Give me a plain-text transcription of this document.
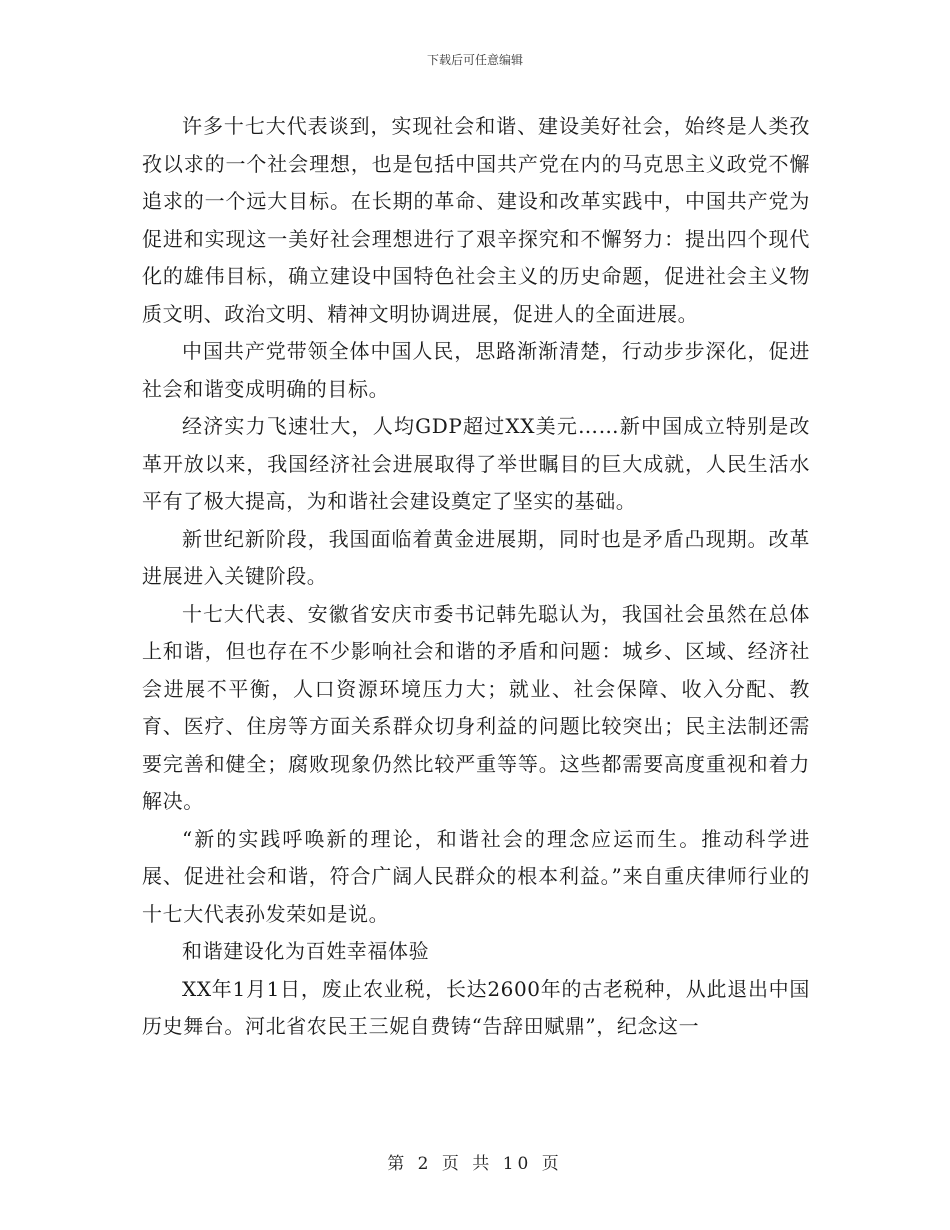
下载后可任意编辑

许多十七大代表谈到，实现社会和谐、建设美好社会，始终是人类孜孜以求的一个社会理想，也是包括中国共产党在内的马克思主义政党不懈追求的一个远大目标。在长期的革命、建设和改革实践中，中国共产党为促进和实现这一美好社会理想进行了艰辛探究和不懈努力：提出四个现代化的雄伟目标，确立建设中国特色社会主义的历史命题，促进社会主义物质文明、政治文明、精神文明协调进展，促进人的全面进展。

中国共产党带领全体中国人民，思路渐渐清楚，行动步步深化，促进社会和谐变成明确的目标。

经济实力飞速壮大，人均GDP超过XX美元……新中国成立特别是改革开放以来，我国经济社会进展取得了举世瞩目的巨大成就，人民生活水平有了极大提高，为和谐社会建设奠定了坚实的基础。

新世纪新阶段，我国面临着黄金进展期，同时也是矛盾凸现期。改革进展进入关键阶段。

十七大代表、安徽省安庆市委书记韩先聪认为，我国社会虽然在总体上和谐，但也存在不少影响社会和谐的矛盾和问题：城乡、区域、经济社会进展不平衡，人口资源环境压力大；就业、社会保障、收入分配、教育、医疗、住房等方面关系群众切身利益的问题比较突出；民主法制还需要完善和健全；腐败现象仍然比较严重等等。这些都需要高度重视和着力解决。

“新的实践呼唤新的理论，和谐社会的理念应运而生。推动科学进展、促进社会和谐，符合广阔人民群众的根本利益。”来自重庆律师行业的十七大代表孙发荣如是说。

和谐建设化为百姓幸福体验

XX年1月1日，废止农业税，长达2600年的古老税种，从此退出中国历史舞台。河北省农民王三妮自费铸“告辞田赋鼎”，纪念这一

第 2 页 共 10 页
